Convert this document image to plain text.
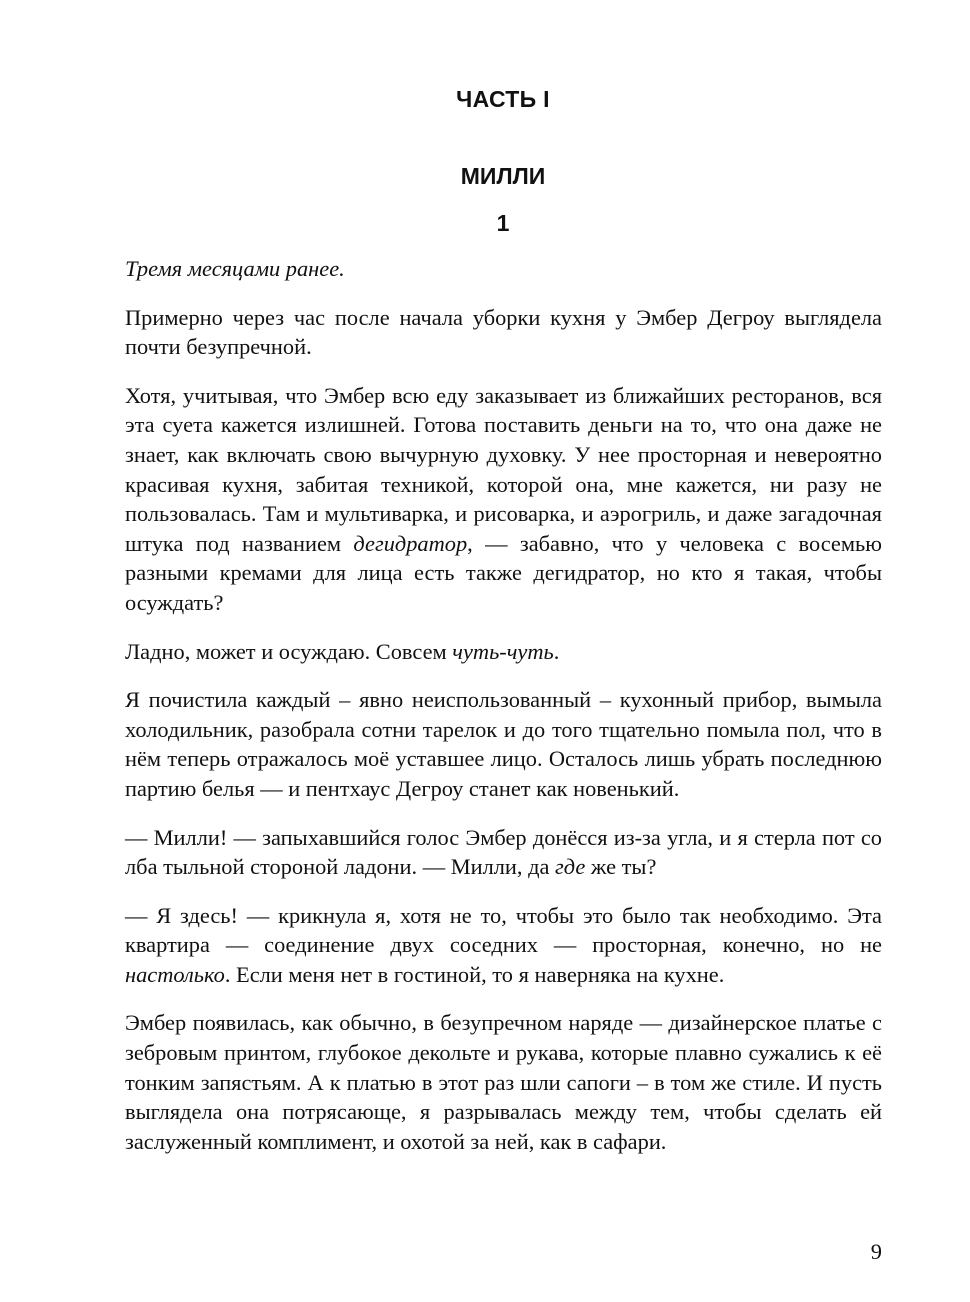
ЧАСТЬ I
МИЛЛИ
1

Тремя месяцами ранее.

Примерно через час после начала уборки кухня у Эмбер Дегроу выглядела почти безупречной.

Хотя, учитывая, что Эмбер всю еду заказывает из ближайших ресторанов, вся эта суета кажется излишней. Готова поставить деньги на то, что она даже не знает, как включать свою вычурную духовку. У нее просторная и невероятно красивая кухня, забитая техникой, которой она, мне кажется, ни разу не пользовалась. Там и мультиварка, и рисоварка, и аэрогриль, и даже загадочная штука под названием дегидратор, — забавно, что у человека с восемью разными кремами для лица есть также дегидратор, но кто я такая, чтобы осуждать?

Ладно, может и осуждаю. Совсем чуть-чуть.

Я почистила каждый – явно неиспользованный – кухонный прибор, вымыла холодильник, разобрала сотни тарелок и до того тщательно помыла пол, что в нём теперь отражалось моё уставшее лицо. Осталось лишь убрать последнюю партию белья — и пентхаус Дегроу станет как новенький.

— Милли! — запыхавшийся голос Эмбер донёсся из-за угла, и я стерла пот со лба тыльной стороной ладони. — Милли, да где же ты?

— Я здесь! — крикнула я, хотя не то, чтобы это было так необходимо. Эта квартира — соединение двух соседних — просторная, конечно, но не настолько. Если меня нет в гостиной, то я наверняка на кухне.

Эмбер появилась, как обычно, в безупречном наряде — дизайнерское платье с зебровым принтом, глубокое декольте и рукава, которые плавно сужались к её тонким запястьям. А к платью в этот раз шли сапоги – в том же стиле. И пусть выглядела она потрясающе, я разрывалась между тем, чтобы сделать ей заслуженный комплимент, и охотой за ней, как в сафари.

9
